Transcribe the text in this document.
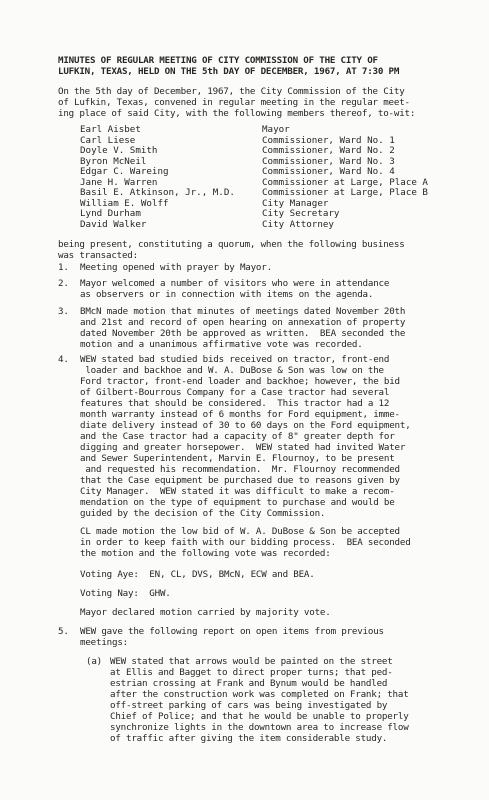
MINUTES OF REGULAR MEETING OF CITY COMMISSION OF THE CITY OF
LUFKIN, TEXAS, HELD ON THE 5th DAY OF DECEMBER, 1967, AT 7:30 PM
On the 5th day of December, 1967, the City Commission of the City
of Lufkin, Texas, convened in regular meeting in the regular meet-
ing place of said City, with the following members thereof, to-wit:
Earl Aisbet	Mayor
Carl Liese	Commissioner, Ward No. 1
Doyle V. Smith	Commissioner, Ward No. 2
Byron McNeil	Commissioner, Ward No. 3
Edgar C. Wareing	Commissioner, Ward No. 4
Jane H. Warren	Commissioner at Large, Place A
Basil E. Atkinson, Jr., M.D.	Commissioner at Large, Place B
William E. Wolff	City Manager
Lynd Durham	City Secretary
David Walker	City Attorney
being present, constituting a quorum, when the following business
was transacted:
1. Meeting opened with prayer by Mayor.
2. Mayor welcomed a number of visitors who were in attendance
as observers or in connection with items on the agenda.
3. BMcN made motion that minutes of meetings dated November 20th
and 21st and record of open hearing on annexation of property
dated November 20th be approved as written.  BEA seconded the
motion and a unanimous affirmative vote was recorded.
4. WEW stated bad studied bids received on tractor, front-end
loader and backhoe and W. A. DuBose & Son was low on the
Ford tractor, front-end loader and backhoe; however, the bid
of Gilbert-Bourrous Company for a Case tractor had several
features that should be considered.  This tractor had a 12
month warranty instead of 6 months for Ford equipment, imme-
diate delivery instead of 30 to 60 days on the Ford equipment,
and the Case tractor had a capacity of 8" greater depth for
digging and greater horsepower.  WEW stated had invited Water
and Sewer Superintendent, Marvin E. Flournoy, to be present
and requested his recommendation.  Mr. Flournoy recommended
that the Case equipment be purchased due to reasons given by
City Manager.  WEW stated it was difficult to make a recom-
mendation on the type of equipment to purchase and would be
guided by the decision of the City Commission.
CL made motion the low bid of W. A. DuBose & Son be accepted
in order to keep faith with our bidding process.  BEA seconded
the motion and the following vote was recorded:
Voting Aye:  EN, CL, DVS, BMcN, ECW and BEA.
Voting Nay:  GHW.
Mayor declared motion carried by majority vote.
5. WEW gave the following report on open items from previous
meetings:
(a) WEW stated that arrows would be painted on the street
at Ellis and Bagget to direct proper turns; that ped-
estrian crossing at Frank and Bynum would be handled
after the construction work was completed on Frank; that
off-street parking of cars was being investigated by
Chief of Police; and that he would be unable to properly
synchronize lights in the downtown area to increase flow
of traffic after giving the item considerable study.
